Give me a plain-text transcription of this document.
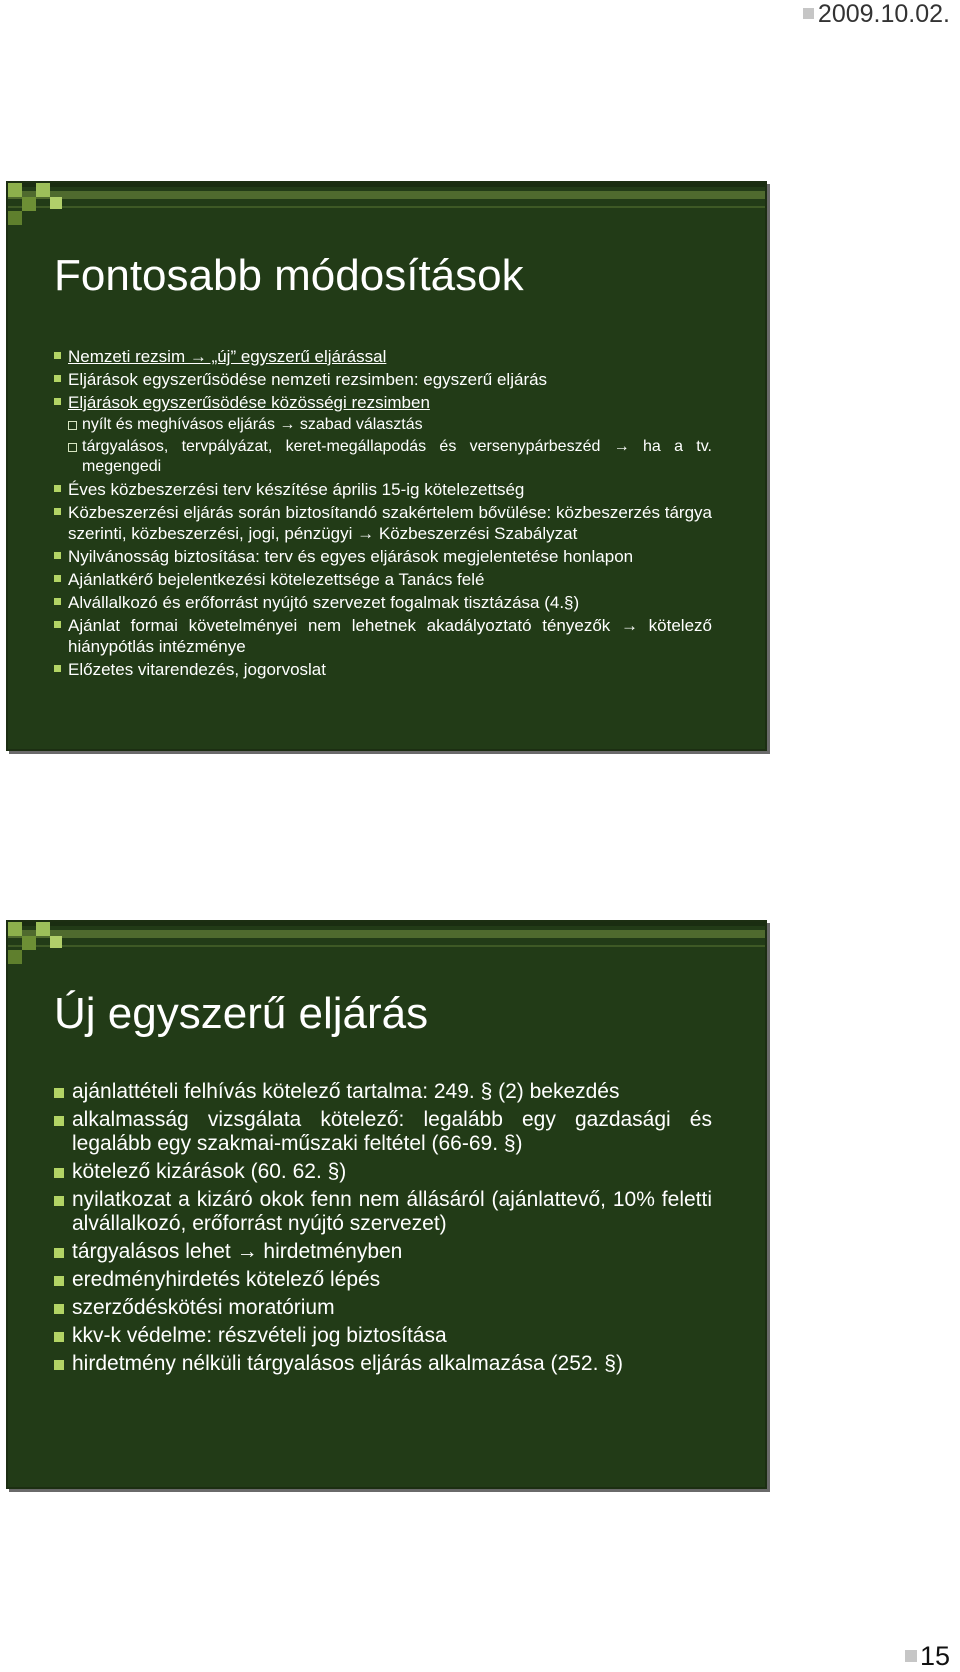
2009.10.02.
Fontosabb módosítások
Nemzeti rezsim → „új” egyszerű eljárással
Eljárások egyszerűsödése nemzeti rezsimben: egyszerű eljárás
Eljárások egyszerűsödése közösségi rezsimben
nyílt és meghívásos eljárás → szabad választás
tárgyalásos, tervpályázat, keret-megállapodás és versenypárbeszéd → ha a tv. megengedi
Éves közbeszerzési terv készítése április 15-ig kötelezettség
Közbeszerzési eljárás során biztosítandó szakértelem bővülése: közbeszerzés tárgya szerinti, közbeszerzési, jogi, pénzügyi → Közbeszerzési Szabályzat
Nyilvánosság biztosítása: terv és egyes eljárások megjelentetése honlapon
Ajánlatkérő bejelentkezési kötelezettsége a Tanács felé
Alvállalkozó és erőforrást nyújtó szervezet fogalmak tisztázása (4.§)
Ajánlat formai követelményei nem lehetnek akadályoztató tényezők → kötelező hiánypótlás intézménye
Előzetes vitarendezés, jogorvoslat
Új egyszerű eljárás
ajánlattételi felhívás kötelező tartalma: 249. § (2) bekezdés
alkalmasság vizsgálata kötelező: legalább egy gazdasági és legalább egy szakmai-műszaki feltétel (66-69. §)
kötelező kizárások (60. 62. §)
nyilatkozat a kizáró okok fenn nem állásáról (ajánlattevő, 10% feletti alvállalkozó, erőforrást nyújtó szervezet)
tárgyalásos lehet → hirdetményben
eredményhirdetés kötelező lépés
szerződéskötési moratórium
kkv-k védelme: részvételi jog biztosítása
hirdetmény nélküli tárgyalásos eljárás alkalmazása (252. §)
15
